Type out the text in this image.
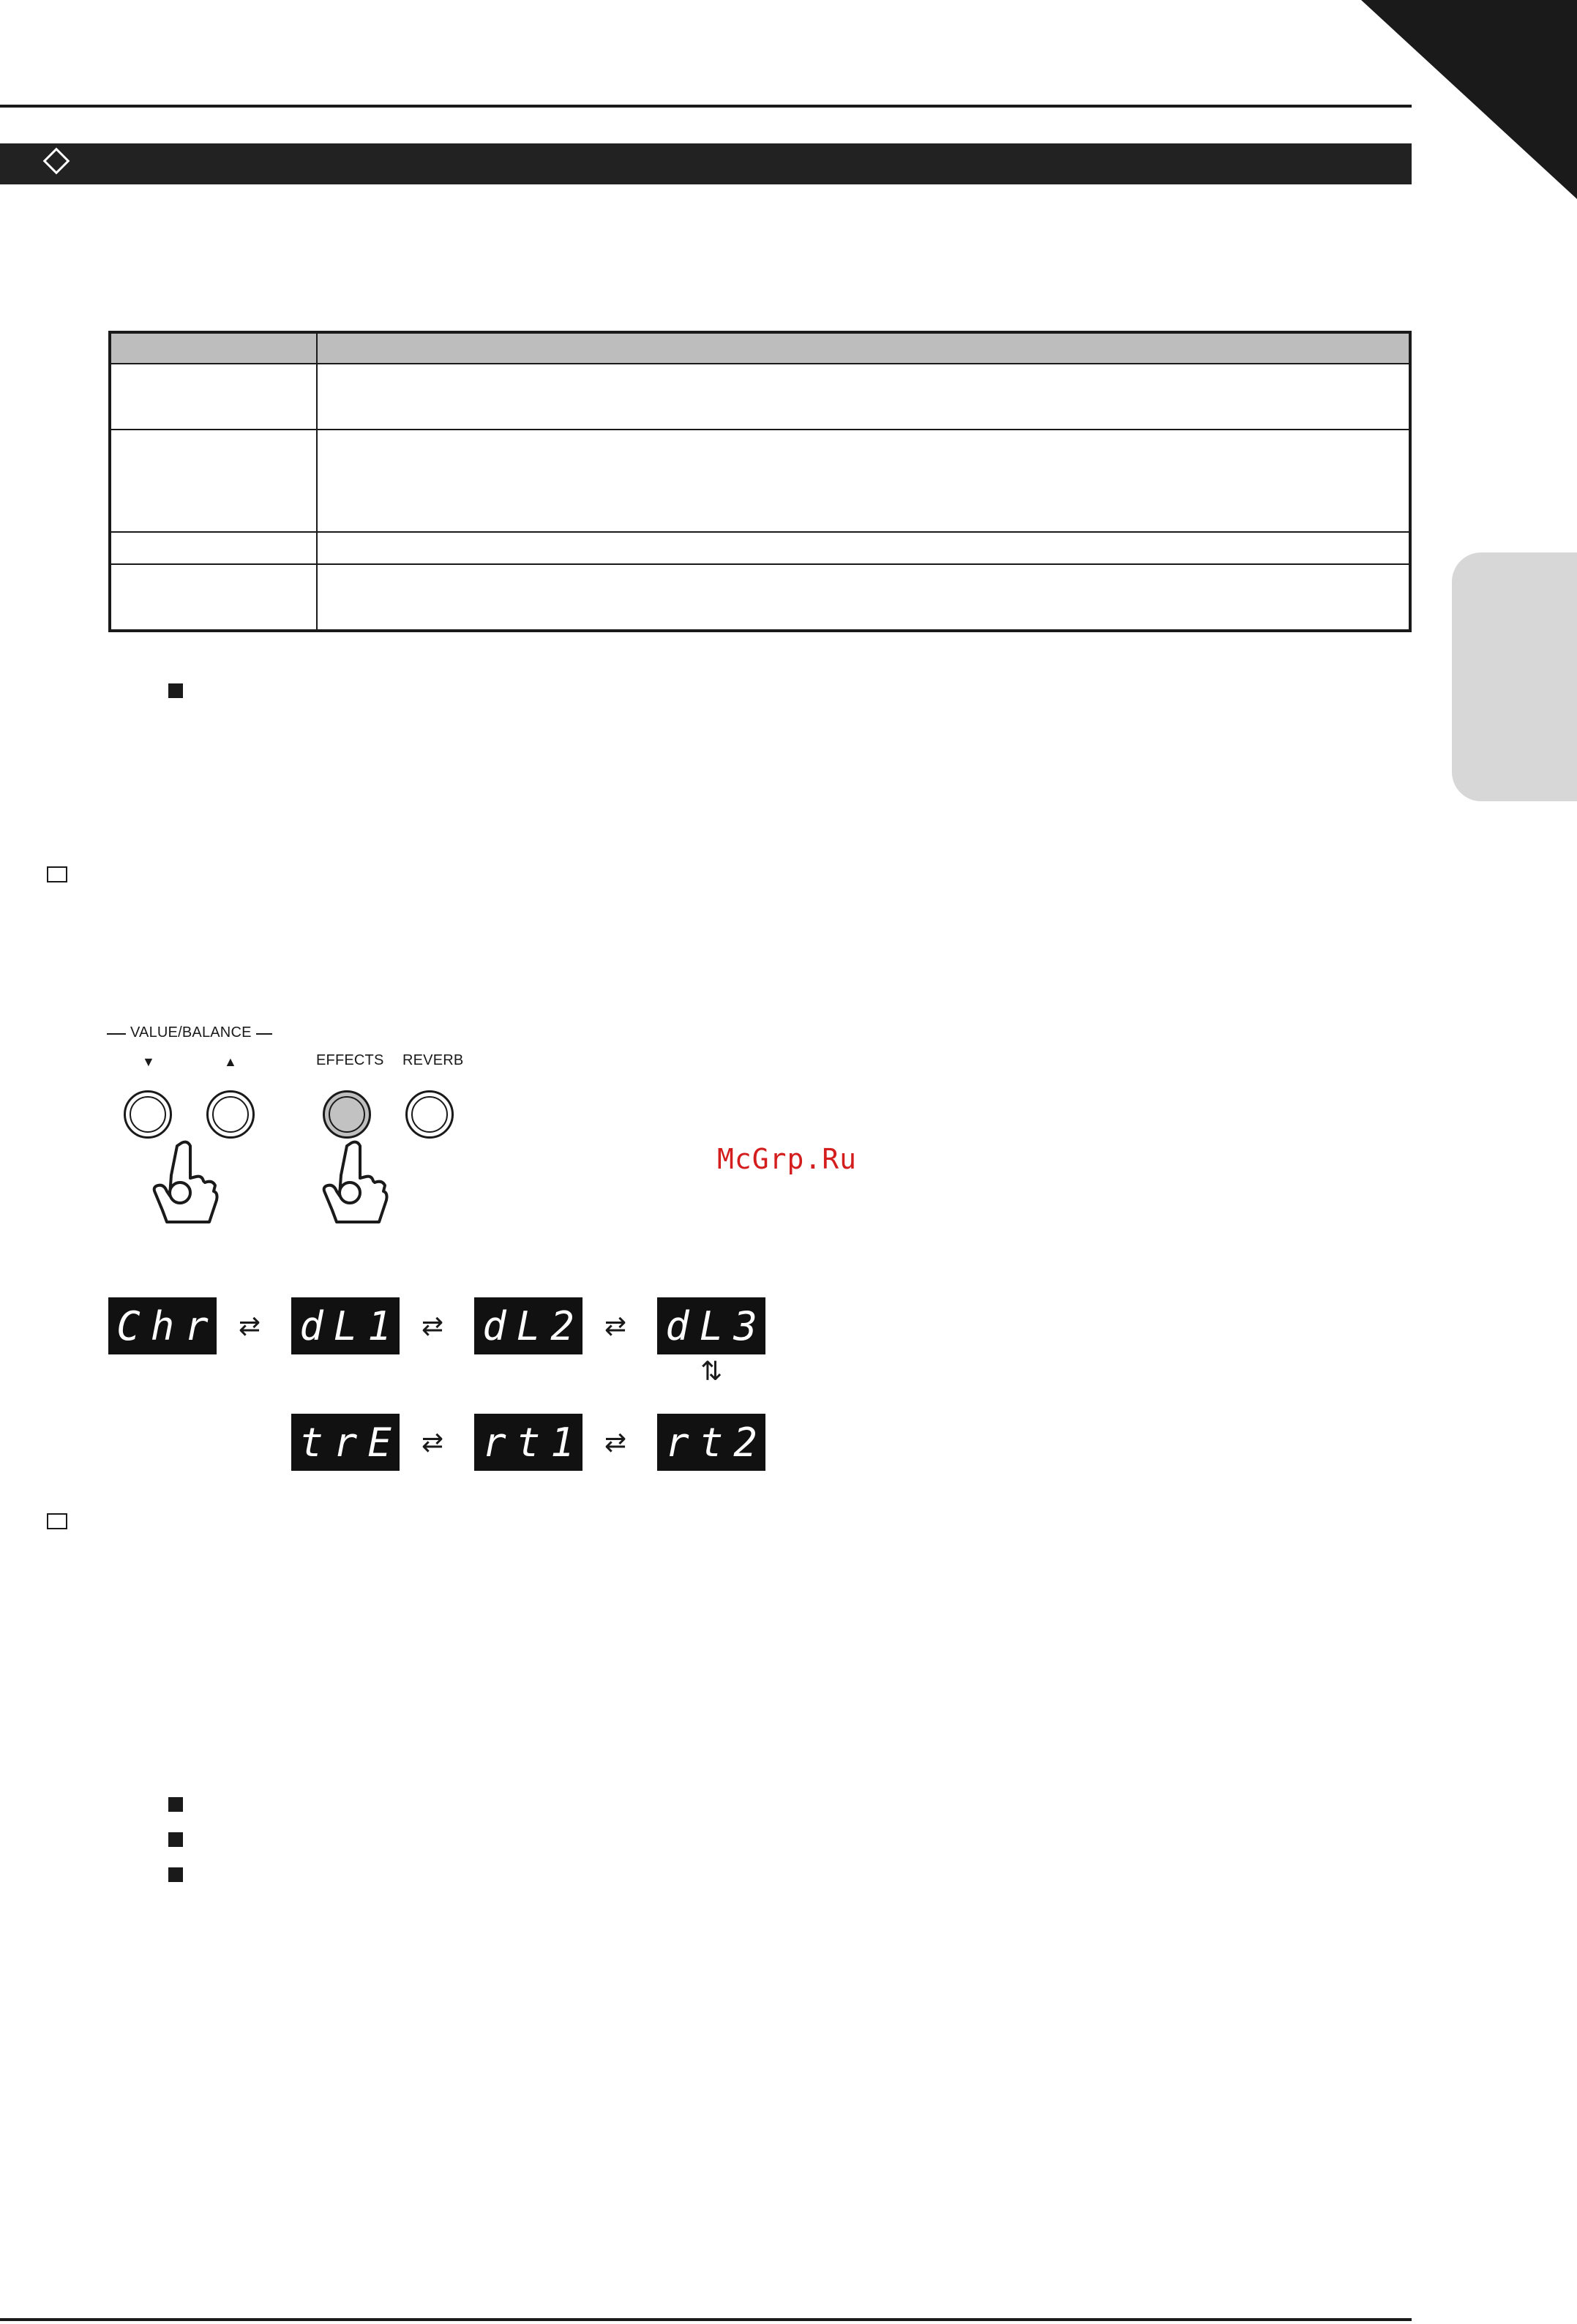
VALUE/BALANCE
▼	▲	EFFECTS REVERB
McGrp.Ru
Chr ⇄ dL1 ⇄ dL2 ⇄ dL3
⇅
trE ⇄ rt1 ⇄ rt2
